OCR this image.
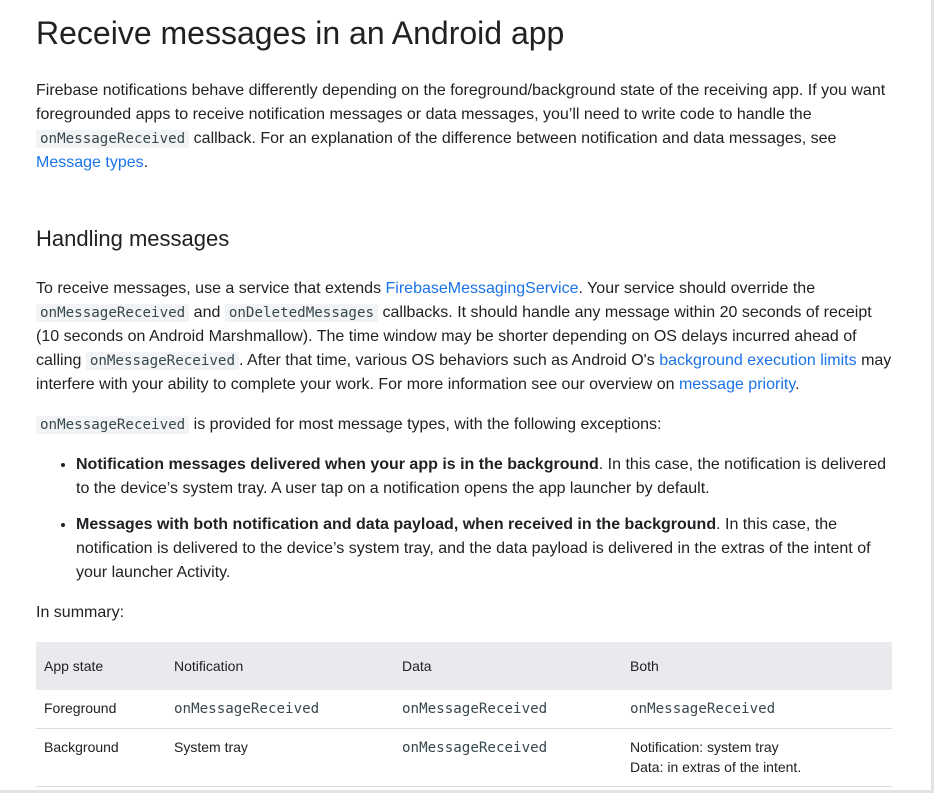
Receive messages in an Android app

Firebase notifications behave differently depending on the foreground/background state of the receiving app. If you want foregrounded apps to receive notification messages or data messages, you’ll need to write code to handle the onMessageReceived callback. For an explanation of the difference between notification and data messages, see Message types.

Handling messages

To receive messages, use a service that extends FirebaseMessagingService. Your service should override the onMessageReceived and onDeletedMessages callbacks. It should handle any message within 20 seconds of receipt (10 seconds on Android Marshmallow). The time window may be shorter depending on OS delays incurred ahead of calling onMessageReceived . After that time, various OS behaviors such as Android O's background execution limits may interfere with your ability to complete your work. For more information see our overview on message priority.

onMessageReceived is provided for most message types, with the following exceptions:

• Notification messages delivered when your app is in the background. In this case, the notification is delivered to the device’s system tray. A user tap on a notification opens the app launcher by default.
• Messages with both notification and data payload, when received in the background. In this case, the notification is delivered to the device’s system tray, and the data payload is delivered in the extras of the intent of your launcher Activity.

In summary:

App state	Notification	Data	Both
Foreground	onMessageReceived	onMessageReceived	onMessageReceived
Background	System tray	onMessageReceived	Notification: system tray
Data: in extras of the intent.
